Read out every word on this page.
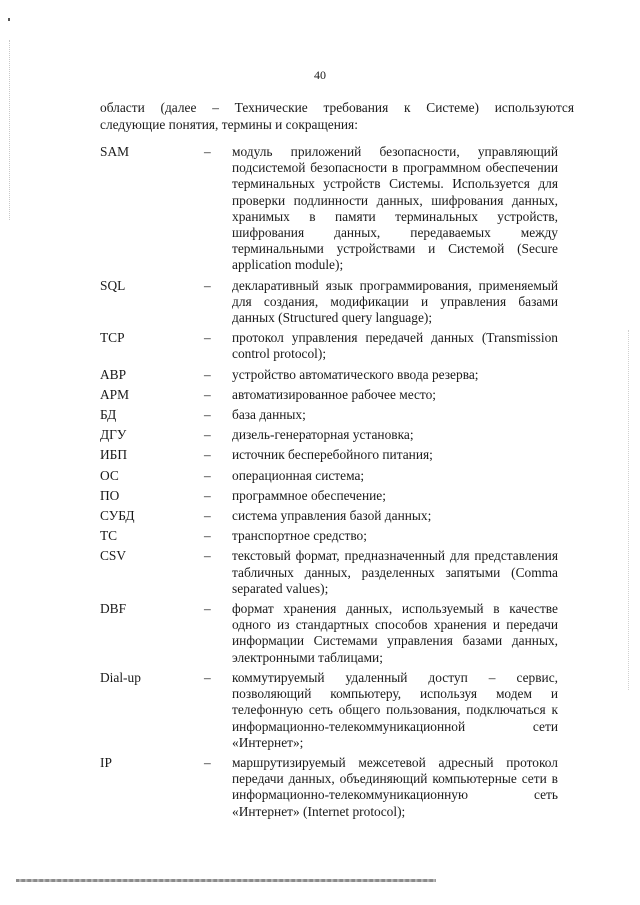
40
области (далее – Технические требования к Системе) используются
следующие понятия, термины и сокращения:
SAM	– модуль приложений безопасности, управляющий подсистемой безопасности в программном обеспечении терминальных устройств Системы. Используется для проверки подлинности данных, шифрования данных, хранимых в памяти терминальных устройств, шифрования данных, передаваемых между терминальными устройствами и Системой (Secure application module);
SQL	– декларативный язык программирования, применяемый для создания, модификации и управления базами данных (Structured query language);
TCP	– протокол управления передачей данных (Transmission control protocol);
АВР	– устройство автоматического ввода резерва;
АРМ	– автоматизированное рабочее место;
БД	– база данных;
ДГУ	– дизель-генераторная установка;
ИБП	– источник бесперебойного питания;
ОС	– операционная система;
ПО	– программное обеспечение;
СУБД	– система управления базой данных;
ТС	– транспортное средство;
CSV	– текстовый формат, предназначенный для представления табличных данных, разделенных запятыми (Comma separated values);
DBF	– формат хранения данных, используемый в качестве одного из стандартных способов хранения и передачи информации Системами управления базами данных, электронными таблицами;
Dial-up	– коммутируемый удаленный доступ – сервис, позволяющий компьютеру, используя модем и телефонную сеть общего пользования, подключаться к информационно-телекоммуникационной сети «Интернет»;
IP	– маршрутизируемый межсетевой адресный протокол передачи данных, объединяющий компьютерные сети в информационно-телекоммуникационную сеть «Интернет» (Internet protocol);
